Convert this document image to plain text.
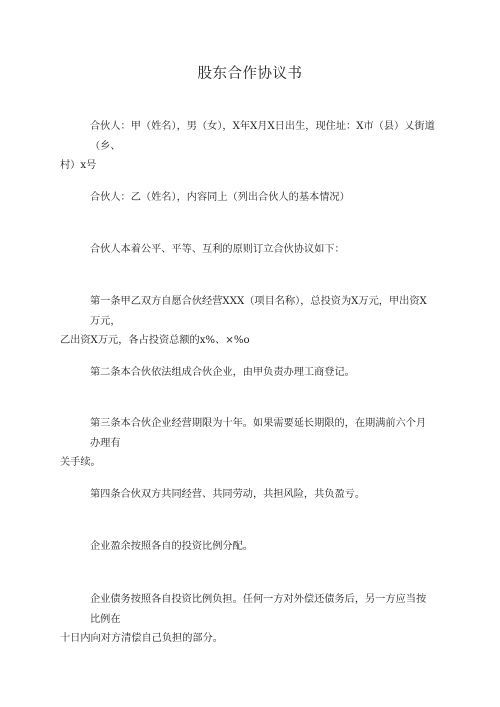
股东合作协议书

合伙人：甲（姓名），男（女），X年X月X日出生，现住址：X市（县）乂街道（乡、
村）x号

合伙人：乙（姓名），内容同上（列出合伙人的基本情况）

合伙人本着公平、平等、互利的原则订立合伙协议如下：

第一条甲乙双方自愿合伙经营XXX（项目名称），总投资为X万元，甲出资X万元，
乙出资X万元，各占投资总额的x%、×%o

第二条本合伙依法组成合伙企业，由甲负责办理工商登记。

第三条本合伙企业经营期限为十年。如果需要延长期限的，在期满前六个月办理有
关手续。

第四条合伙双方共同经营、共同劳动，共担风险，共负盈亏。

企业盈余按照各自的投资比例分配。

企业债务按照各自投资比例负担。任何一方对外偿还债务后，另一方应当按比例在
十日内向对方清偿自己负担的部分。
